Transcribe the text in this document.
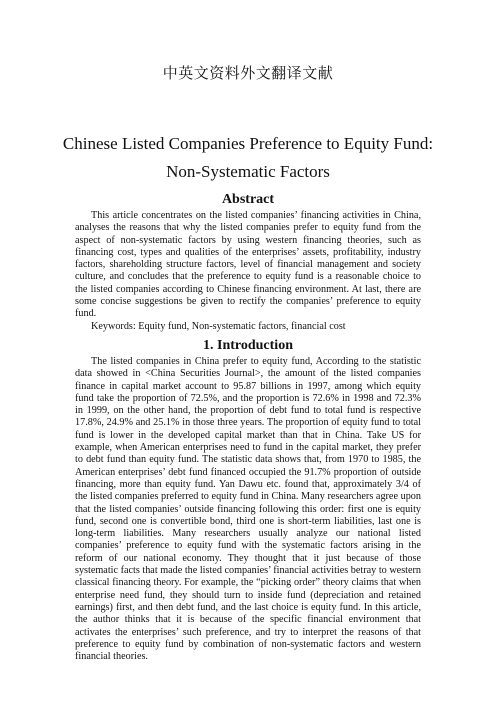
中英文资料外文翻译文献
Chinese Listed Companies Preference to Equity Fund:
Non-Systematic Factors
Abstract

This article concentrates on the listed companies’ financing activities in China, analyses the reasons that why the listed companies prefer to equity fund from the aspect of non-systematic factors by using western financing theories, such as financing cost, types and qualities of the enterprises’ assets, profitability, industry factors, shareholding structure factors, level of financial management and society culture, and concludes that the preference to equity fund is a reasonable choice to the listed companies according to Chinese financing environment. At last, there are some concise suggestions be given to rectify the companies’ preference to equity fund.

Keywords: Equity fund, Non-systematic factors, financial cost

1. Introduction

The listed companies in China prefer to equity fund, According to the statistic data showed in <China Securities Journal>, the amount of the listed companies finance in capital market account to 95.87 billions in 1997, among which equity fund take the proportion of 72.5%, and the proportion is 72.6% in 1998 and 72.3% in 1999, on the other hand, the proportion of debt fund to total fund is respective 17.8%, 24.9% and 25.1% in those three years. The proportion of equity fund to total fund is lower in the developed capital market than that in China. Take US for example, when American enterprises need to fund in the capital market, they prefer to debt fund than equity fund. The statistic data shows that, from 1970 to 1985, the American enterprises’ debt fund financed occupied the 91.7% proportion of outside financing, more than equity fund. Yan Dawu etc. found that, approximately 3/4 of the listed companies preferred to equity fund in China. Many researchers agree upon that the listed companies’ outside financing following this order: first one is equity fund, second one is convertible bond, third one is short-term liabilities, last one is long-term liabilities. Many researchers usually analyze our national listed companies’ preference to equity fund with the systematic factors arising in the reform of our national economy. They thought that it just because of those systematic facts that made the listed companies’ financial activities betray to western classical financing theory. For example, the “picking order” theory claims that when enterprise need fund, they should turn to inside fund (depreciation and retained earnings) first, and then debt fund, and the last choice is equity fund. In this article, the author thinks that it is because of the specific financial environment that activates the enterprises’ such preference, and try to interpret the reasons of that preference to equity fund by combination of non-systematic factors and western financial theories.
